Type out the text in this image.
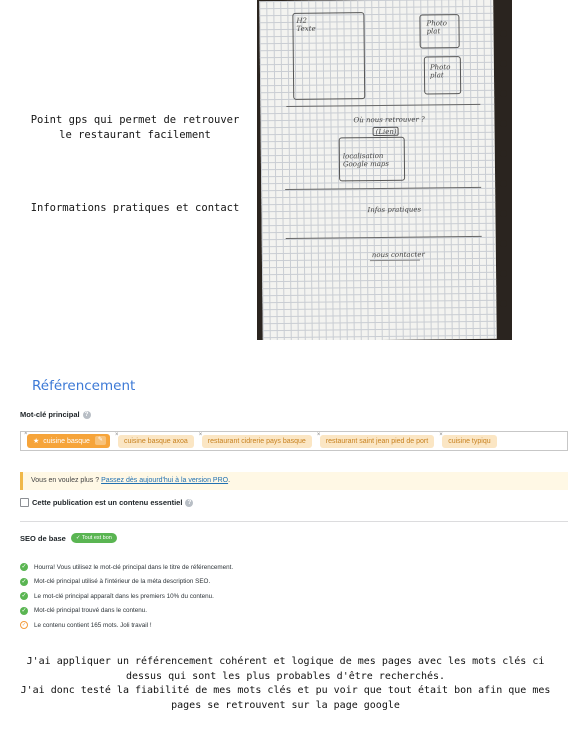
Point gps qui permet de retrouver le restaurant facilement
Informations pratiques et contact
H2
Texte
Photo
plat
Photo
plat
Où nous retrouver ?
(Lien)
localisation
Google maps
Infos pratiques
nous contacter
Référencement
Mot-clé principal ?
×
★ cuisine basque	✎
×
cuisine basque axoa
×
restaurant cidrerie pays basque
×
restaurant saint jean pied de port
×
cuisine typiqu
Vous en voulez plus ? Passez dès aujourd'hui à la version PRO.
Cette publication est un contenu essentiel ?
SEO de base	✓ Tout est bon
✓ Hourra! Vous utilisez le mot-clé principal dans le titre de référencement.
✓ Mot-clé principal utilisé à l'intérieur de la méta description SEO.
✓ Le mot-clé principal apparaît dans les premiers 10% du contenu.
✓ Mot-clé principal trouvé dans le contenu.
✓	Le contenu contient 165 mots. Joli travail !
J'ai appliquer un référencement cohérent et logique de mes pages avec les mots clés ci dessus qui sont les plus probables d'être recherchés.
J'ai donc testé la fiabilité de mes mots clés et pu voir que tout était bon afin que mes pages se retrouvent sur la page google
